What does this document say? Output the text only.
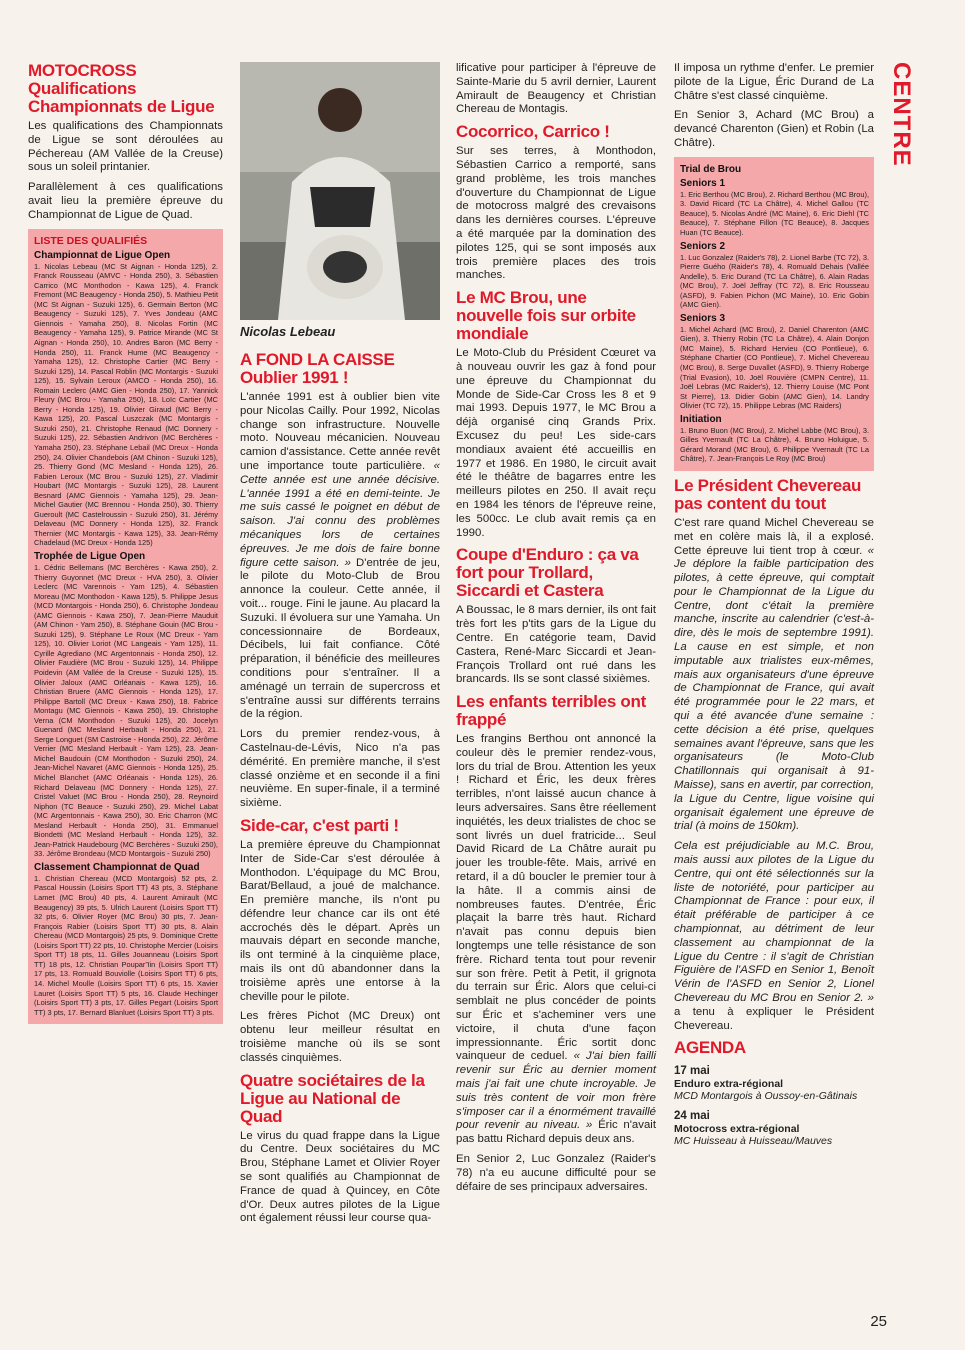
CENTRE
MOTOCROSS Qualifications Championnats de Ligue

Les qualifications des Championnats de Ligue se sont déroulées au Péchereau (AM Vallée de la Creuse) sous un soleil printanier.

Parallèlement à ces qualifications avait lieu la première épreuve du Championnat de Ligue de Quad.

LISTE DES QUALIFIÉS
Championnat de Ligue Open

1. Nicolas Lebeau (MC St Aignan - Honda 125), 2. Franck Rousseau (AMVC - Honda 250), 3. Sébastien Carrico (MC Monthodon - Kawa 125), 4. Franck Fremont (MC Beaugency - Honda 250), 5. Mathieu Petit (MC St Aignan - Suzuki 125), 6. Germain Berton (MC Beaugency - Suzuki 125), 7. Yves Jondeau (AMC Giennois - Yamaha 250), 8. Nicolas Fortin (MC Beaugency - Yamaha 125), 9. Patrice Mirande (MC St Aignan - Honda 250), 10. Andres Baron (MC Berry - Honda 250), 11. Franck Hume (MC Beaugency - Yamaha 125), 12. Christophe Cartier (MC Berry - Suzuki 125), 14. Pascal Roblin (MC Montargis - Suzuki 125), 15. Sylvain Leroux (AMCO - Honda 250), 16. Romain Leclerc (AMC Gien - Honda 250), 17. Yannick Fleury (MC Brou - Yamaha 250), 18. Loïc Cartier (MC Berry - Honda 125), 19. Olivier Giraud (MC Berry - Kawa 125), 20. Pascal Luszczak (MC Montargis - Suzuki 250), 21. Christophe Renaud (MC Donnery - Suzuki 125), 22. Sébastien Andrivon (MC Berchères - Yamaha 250), 23. Stéphane Lebail (MC Dreux - Honda 250), 24. Olivier Chandebois (AM Chinon - Suzuki 125), 25. Thierry Gond (MC Mesland - Honda 125), 26. Fabien Leroux (MC Brou - Suzuki 125), 27. Vladimir Houbart (MC Montargis - Suzuki 125), 28. Laurent Besnard (AMC Giennois - Yamaha 125), 29. Jean-Michel Gautier (MC Brennou - Honda 250), 30. Thierry Gueroult (MC Castelroussin - Suzuki 250), 31. Jérémy Delaveau (MC Donnery - Honda 125), 32. Franck Thernier (MC Montargis - Kawa 125), 33. Jean-Rémy Chadelaud (MC Dreux - Honda 125)

Trophée de Ligue Open

1. Cédric Bellemans (MC Berchères - Kawa 250), 2. Thierry Guyonnet (MC Dreux - HVA 250), 3. Olivier Leclerc (MC Varennois - Yam 125), 4. Sébastien Moreau (MC Monthodon - Kawa 125), 5. Philippe Jesus (MCD Montargois - Honda 250), 6. Christophe Jondeau (AMC Giennois - Kawa 250), 7. Jean-Pierre Mauduit (AM Chinon - Yam 250), 8. Stéphane Gouin (MC Brou - Suzuki 125), 9. Stéphane Le Roux (MC Dreux - Yam 125), 10. Olivier Loriot (MC Langeais - Yam 125), 11. Cyrille Agrediano (MC Argentonnais - Honda 250), 12. Olivier Faudière (MC Brou - Suzuki 125), 14. Philippe Poidevin (AM Vallée de la Creuse - Suzuki 125), 15. Olivier Jaloux (AMC Orléanais - Kawa 125), 16. Christian Bruere (AMC Giennois - Honda 125), 17. Philippe Bartoll (MC Dreux - Kawa 250), 18. Fabrice Montagu (MC Giennois - Kawa 250), 19. Christophe Verna (CM Monthodon - Suzuki 125), 20. Jocelyn Guenard (MC Mesland Herbault - Honda 250), 21. Serge Longuet (SM Castroise - Honda 250), 22. Jérôme Verrier (MC Mesland Herbault - Yam 125), 23. Jean-Michel Baudouin (CM Monthodon - Suzuki 250), 24. Jean-Michel Navaret (AMC Giennois - Honda 125), 25. Michel Blanchet (AMC Orléanais - Honda 125), 26. Richard Delaveau (MC Donnery - Honda 125), 27. Cristel Valuet (MC Brou - Honda 250), 28. Reynoird Niphon (TC Beauce - Suzuki 250), 29. Michel Labat (MC Argentonnais - Kawa 250), 30. Eric Charron (MC Mesland Herbault - Honda 250), 31. Emmanuel Biondetti (MC Mesland Herbault - Honda 125), 32. Jean-Patrick Haudebourg (MC Berchères - Suzuki 250), 33. Jérôme Brondeau (MCD Montargois - Suzuki 250)

Classement Championnat de Quad

1. Christian Chereau (MCD Montargois) 52 pts, 2. Pascal Houssin (Loisirs Sport TT) 43 pts, 3. Stéphane Lamet (MC Brou) 40 pts, 4. Laurent Amirault (MC Beaugency) 39 pts, 5. Ulrich Laurent (Loisirs Sport TT) 32 pts, 6. Olivier Royer (MC Brou) 30 pts, 7. Jean-François Rabier (Loisirs Sport TT) 30 pts, 8. Alain Chereau (MCD Montargois) 25 pts, 9. Dominique Crette (Loisirs Sport TT) 22 pts, 10. Christophe Mercier (Loisirs Sport TT) 18 pts, 11. Gilles Jouanneau (Loisirs Sport TT) 18 pts, 12. Christian Pouparדin (Loisirs Sport TT) 17 pts, 13. Romuald Bouviolle (Loisirs Sport TT) 6 pts, 14. Michel Moulle (Loisirs Sport TT) 6 pts, 15. Xavier Lauret (Loisirs Sport TT) 5 pts, 16. Claude Hechinger (Loisirs Sport TT) 3 pts, 17. Gilles Pegart (Loisirs Sport TT) 3 pts, 17. Bernard Blanluet (Loisirs Sport TT) 3 pts.

Nicolas Lebeau

A FOND LA CAISSE Oublier 1991 !

L'année 1991 est à oublier bien vite pour Nicolas Cailly. Pour 1992, Nicolas change son infrastructure. Nouvelle moto. Nouveau mécanicien. Nouveau camion d'assistance. Cette année revêt une importance toute particulière. « Cette année est une année décisive. L'année 1991 a été en demi-teinte. Je me suis cassé le poignet en début de saison. J'ai connu des problèmes mécaniques lors de certaines épreuves. Je me dois de faire bonne figure cette saison. » D'entrée de jeu, le pilote du Moto-Club de Brou annonce la couleur. Cette année, il voit... rouge. Fini le jaune. Au placard la Suzuki. Il évoluera sur une Yamaha. Un concessionnaire de Bordeaux, Décibels, lui fait confiance. Côté préparation, il bénéficie des meilleures conditions pour s'entraîner. Il a aménagé un terrain de supercross et s'entraîne aussi sur différents terrains de la région.

Lors du premier rendez-vous, à Castelnau-de-Lévis, Nico n'a pas démérité. En première manche, il s'est classé onzième et en seconde il a fini neuvième. En super-finale, il a terminé sixième.

Side-car, c'est parti !

La première épreuve du Championnat Inter de Side-Car s'est déroulée à Monthodon. L'équipage du MC Brou, Barat/Bellaud, a joué de malchance. En première manche, ils n'ont pu défendre leur chance car ils ont été accrochés dès le départ. Après un mauvais départ en seconde manche, ils ont terminé à la cinquième place, mais ils ont dû abandonner dans la troisième après une entorse à la cheville pour le pilote.

Les frères Pichot (MC Dreux) ont obtenu leur meilleur résultat en troisième manche où ils se sont classés cinquièmes.

Quatre sociétaires de la Ligue au National de Quad

Le virus du quad frappe dans la Ligue du Centre. Deux sociétaires du MC Brou, Stéphane Lamet et Olivier Royer se sont qualifiés au Championnat de France de quad à Quincey, en Côte d'Or. Deux autres pilotes de la Ligue ont également réussi leur course qua-

lificative pour participer à l'épreuve de Sainte-Marie du 5 avril dernier, Laurent Amirault de Beaugency et Christian Chereau de Montagis.

Cocorrico, Carrico !

Sur ses terres, à Monthodon, Sébastien Carrico a remporté, sans grand problème, les trois manches d'ouverture du Championnat de Ligue de motocross malgré des crevaisons dans les dernières courses. L'épreuve a été marquée par la domination des pilotes 125, qui se sont imposés aux trois première places des trois manches.

Le MC Brou, une nouvelle fois sur orbite mondiale

Le Moto-Club du Président Cœuret va à nouveau ouvrir les gaz à fond pour une épreuve du Championnat du Monde de Side-Car Cross les 8 et 9 mai 1993. Depuis 1977, le MC Brou a déjà organisé cinq Grands Prix. Excusez du peu! Les side-cars mondiaux avaient été accueillis en 1977 et 1986. En 1980, le circuit avait été le théâtre de bagarres entre les meilleurs pilotes en 250. Il avait reçu en 1984 les ténors de l'épreuve reine, les 500cc. Le club avait remis ça en 1990.

Coupe d'Enduro : ça va fort pour Trollard, Siccardi et Castera

A Boussac, le 8 mars dernier, ils ont fait très fort les p'tits gars de la Ligue du Centre. En catégorie team, David Castera, René-Marc Siccardi et Jean-François Trollard ont rué dans les brancards. Ils se sont classé sixièmes.

Les enfants terribles ont frappé

Les frangins Berthou ont annoncé la couleur dès le premier rendez-vous, lors du trial de Brou. Attention les yeux ! Richard et Éric, les deux frères terribles, n'ont laissé aucun chance à leurs adversaires. Sans être réellement inquiétés, les deux trialistes de choc se sont livrés un duel fratricide... Seul David Ricard de La Châtre aurait pu jouer les trouble-fête. Mais, arrivé en retard, il a dû boucler le premier tour à la hâte. Il a commis ainsi de nombreuses fautes. D'entrée, Éric plaçait la barre très haut. Richard n'avait pas connu depuis bien longtemps une telle résistance de son frère. Richard tenta tout pour revenir sur son frère. Petit à Petit, il grignota du terrain sur Éric. Alors que celui-ci semblait ne plus concéder de points sur Éric et s'acheminer vers une victoire, il chuta d'une façon impressionnante. Éric sortit donc vainqueur de ceduel. « J'ai bien failli revenir sur Éric au dernier moment mais j'ai fait une chute incroyable. Je suis très content de voir mon frère s'imposer car il a énormément travaillé pour revenir au niveau. » Éric n'avait pas battu Richard depuis deux ans.

En Senior 2, Luc Gonzalez (Raider's 78) n'a eu aucune difficulté pour se défaire de ses principaux adversaires.

Il imposa un rythme d'enfer. Le premier pilote de la Ligue, Éric Durand de La Châtre s'est classé cinquième.

En Senior 3, Achard (MC Brou) a devancé Charenton (Gien) et Robin (La Châtre).

Trial de Brou
Seniors 1

1. Eric Berthou (MC Brou), 2. Richard Berthou (MC Brou), 3. David Ricard (TC La Châtre), 4. Michel Gallou (TC Beauce), 5. Nicolas André (MC Maine), 6. Eric Diehl (TC Beauce), 7. Stéphane Fillon (TC Beauce), 8. Jacques Huan (TC Beauce).

Seniors 2

1. Luc Gonzalez (Raider's 78), 2. Lionel Barbe (TC 72), 3. Pierre Guého (Raider's 78), 4. Romuald Dehais (Vallée Andelle), 5. Eric Durand (TC La Châtre), 6. Alain Radas (MC Brou), 7. Joël Jeffray (TC 72), 8. Eric Rousseau (ASFD), 9. Fabien Pichon (MC Maine), 10. Eric Gobin (AMC Gien).

Seniors 3

1. Michel Achard (MC Brou), 2. Daniel Charenton (AMC Gien), 3. Thierry Robin (TC La Châtre), 4. Alain Donjon (MC Maine), 5. Richard Hervieu (CO Pontlieue), 6. Stéphane Chartier (CO Pontlieue), 7. Michel Chevereau (MC Brou), 8. Serge Duvallet (ASFD), 9. Thierry Roberge (Trial Evasion), 10. Joël Rouvière (CMPN Centre), 11. Joël Lebras (MC Raider's), 12. Thierry Louise (MC Pont St Pierre), 13. Didier Gobin (AMC Gien), 14. Landry Olivier (TC 72), 15. Philippe Lebras (MC Raiders)

Initiation

1. Bruno Buon (MC Brou), 2. Michel Labbe (MC Brou), 3. Gilles Yvernault (TC La Châtre), 4. Bruno Holuigue, 5. Gérard Morand (MC Brou), 6. Philippe Yvernault (TC La Châtre), 7. Jean-François Le Roy (MC Brou)

Le Président Chevereau pas content du tout

C'est rare quand Michel Chevereau se met en colère mais là, il a explosé. Cette épreuve lui tient trop à cœur. « Je déplore la faible participation des pilotes, à cette épreuve, qui comptait pour le Championnat de la Ligue du Centre, dont c'était la première manche, inscrite au calendrier (c'est-à-dire, dès le mois de septembre 1991). La cause en est simple, et non imputable aux trialistes eux-mêmes, mais aux organisateurs d'une épreuve de Championnat de France, qui avait été programmée pour le 22 mars, et qui a été avancée d'une semaine : cette décision a été prise, quelques semaines avant l'épreuve, sans que les organisateurs (le Moto-Club Chatillonnais qui organisait à 91-Maisse), sans en avertir, par correction, la Ligue du Centre, ligue voisine qui organisait également une épreuve de trial (à moins de 150km).

Cela est préjudiciable au M.C. Brou, mais aussi aux pilotes de la Ligue du Centre, qui ont été sélectionnés sur la liste de notoriété, pour participer au Championnat de France : pour eux, il était préférable de participer à ce championnat, au détriment de leur classement au championnat de la Ligue du Centre : il s'agit de Christian Figuière de l'ASFD en Senior 1, Benoît Vérin de l'ASFD en Senior 2, Lionel Chevereau du MC Brou en Senior 2. » a tenu à expliquer le Président Chevereau.

AGENDA

17 mai

Enduro extra-régional

MCD Montargois à Oussoy-en-Gâtinais

24 mai

Motocross extra-régional

MC Huisseau à Huisseau/Mauves

25
